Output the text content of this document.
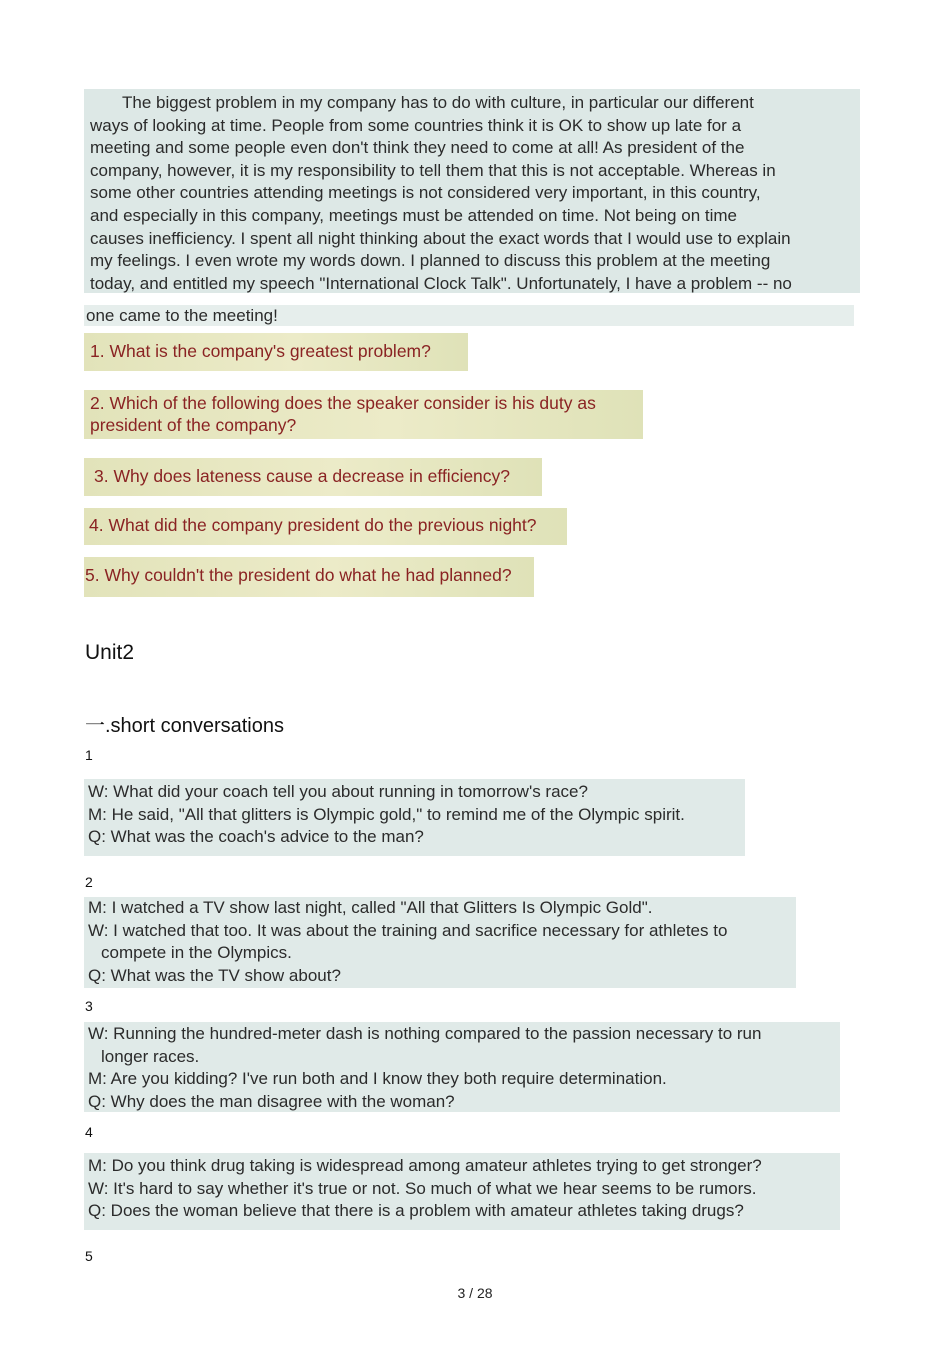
The biggest problem in my company has to do with culture, in particular our different

ways of looking at time. People from some countries think it is OK to show up late for a

meeting and some people even don't think they need to come at all! As president of the

company, however, it is my responsibility to tell them that this is not acceptable. Whereas in

some other countries attending meetings is not considered very important, in this country,

and especially in this company, meetings must be attended on time. Not being on time

causes inefficiency. I spent all night thinking about the exact words that I would use to explain

my feelings. I even wrote my words down. I planned to discuss this problem at the meeting

today, and entitled my speech "International Clock Talk". Unfortunately, I have a problem -- no

one came to the meeting!

1. What is the company's greatest problem?

2. Which of the following does the speaker consider is his duty as

president of the company?

3. Why does lateness cause a decrease in efficiency?

4. What did the company president do the previous night?

5. Why couldn't the president do what he had planned?

Unit2
一.short conversations
1

W: What did your coach tell you about running in tomorrow's race?

M: He said, "All that glitters is Olympic gold," to remind me of the Olympic spirit.

Q: What was the coach's advice to the man?

2

M: I watched a TV show last night, called "All that Glitters Is Olympic Gold".

W: I watched that too. It was about the training and sacrifice necessary for athletes to

compete in the Olympics.

Q: What was the TV show about?

3

W: Running the hundred-meter dash is nothing compared to the passion necessary to run

longer races.

M: Are you kidding? I've run both and I know they both require determination.

Q: Why does the man disagree with the woman?

4

M: Do you think drug taking is widespread among amateur athletes trying to get stronger?

W: It's hard to say whether it's true or not. So much of what we hear seems to be rumors.

Q: Does the woman believe that there is a problem with amateur athletes taking drugs?

5
3 / 28
